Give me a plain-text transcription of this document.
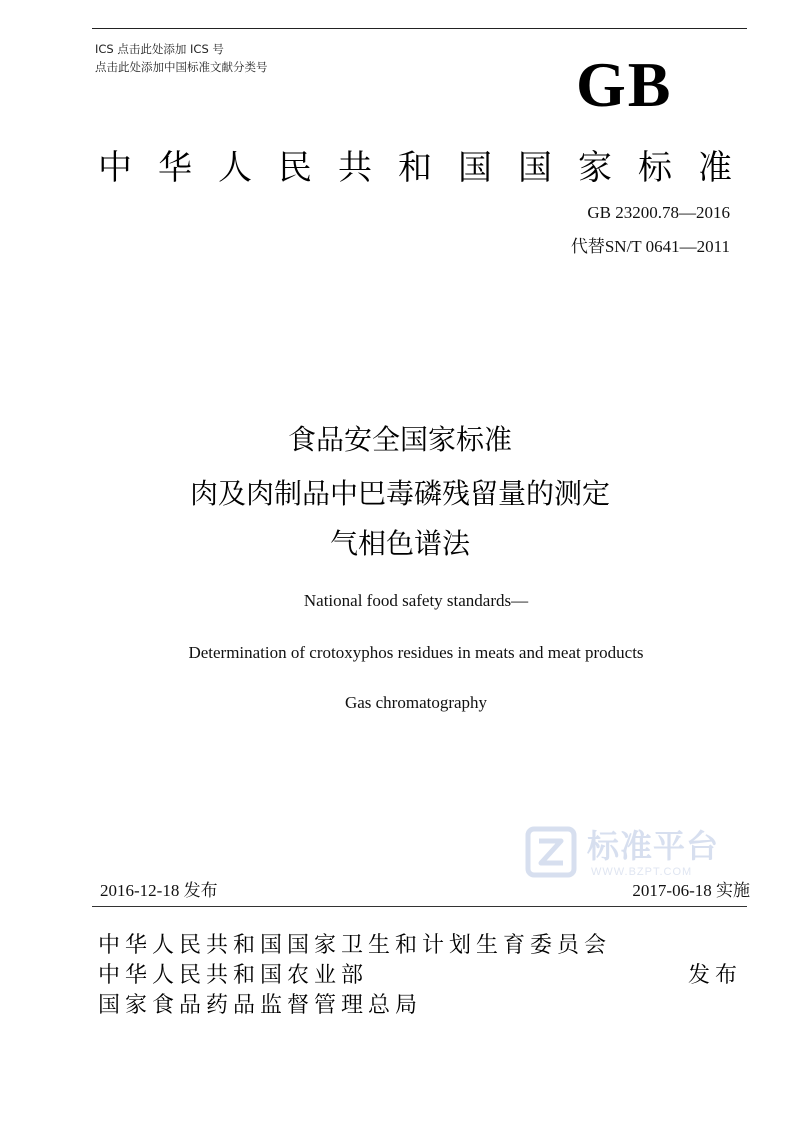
ICS 点击此处添加 ICS 号
点击此处添加中国标准文献分类号	GB
中华人民共和国国家标准
GB 23200.78—2016
代替SN/T 0641—2011
食品安全国家标准
肉及肉制品中巴毒磷残留量的测定
气相色谱法
National food safety standards—
Determination of crotoxyphos residues in meats and meat products
Gas chromatography
标准平台
WWW.BZPT.COM
2016-12-18 发布	2017-06-18 实施
中华人民共和国国家卫生和计划生育委员会
中华人民共和国农业部
国家食品药品监督管理总局
发布
